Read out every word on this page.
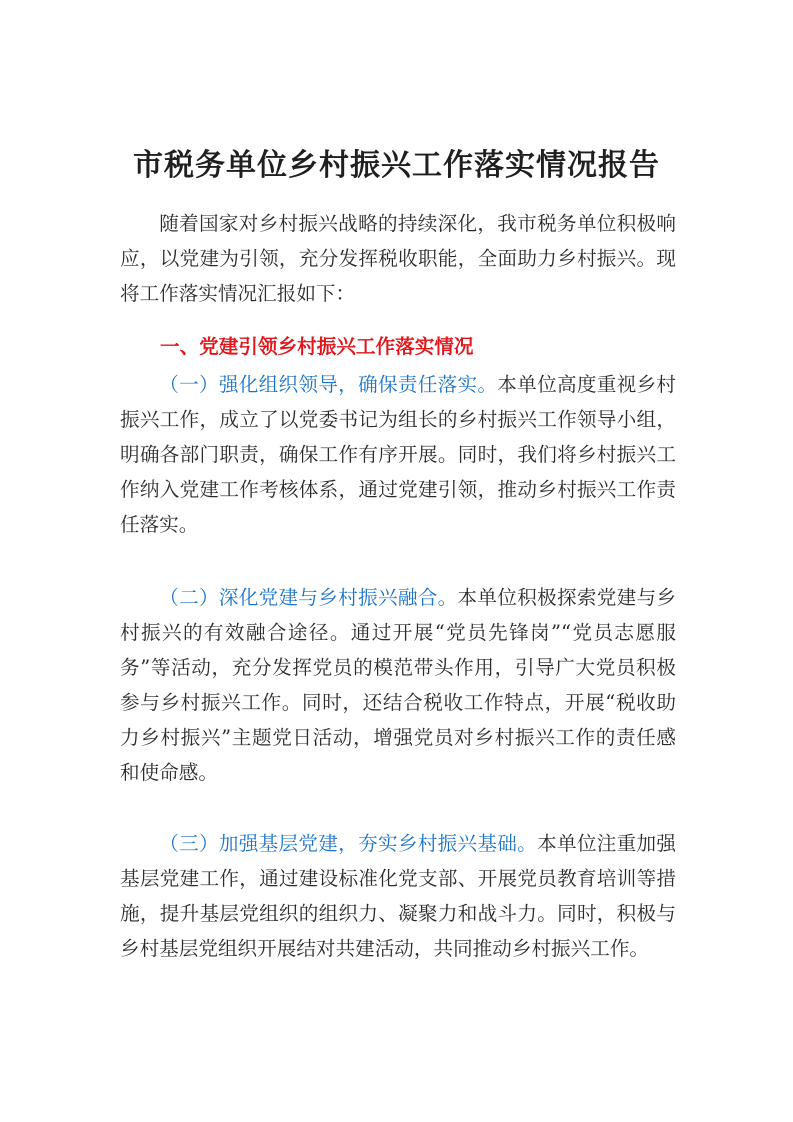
市税务单位乡村振兴工作落实情况报告

随着国家对乡村振兴战略的持续深化，我市税务单位积极响应，以党建为引领，充分发挥税收职能，全面助力乡村振兴。现将工作落实情况汇报如下：

一、党建引领乡村振兴工作落实情况

（一）强化组织领导，确保责任落实。本单位高度重视乡村振兴工作，成立了以党委书记为组长的乡村振兴工作领导小组，明确各部门职责，确保工作有序开展。同时，我们将乡村振兴工作纳入党建工作考核体系，通过党建引领，推动乡村振兴工作责任落实。

（二）深化党建与乡村振兴融合。本单位积极探索党建与乡村振兴的有效融合途径。通过开展“党员先锋岗”“党员志愿服务”等活动，充分发挥党员的模范带头作用，引导广大党员积极参与乡村振兴工作。同时，还结合税收工作特点，开展“税收助力乡村振兴”主题党日活动，增强党员对乡村振兴工作的责任感和使命感。

（三）加强基层党建，夯实乡村振兴基础。本单位注重加强基层党建工作，通过建设标准化党支部、开展党员教育培训等措施，提升基层党组织的组织力、凝聚力和战斗力。同时，积极与乡村基层党组织开展结对共建活动，共同推动乡村振兴工作。
